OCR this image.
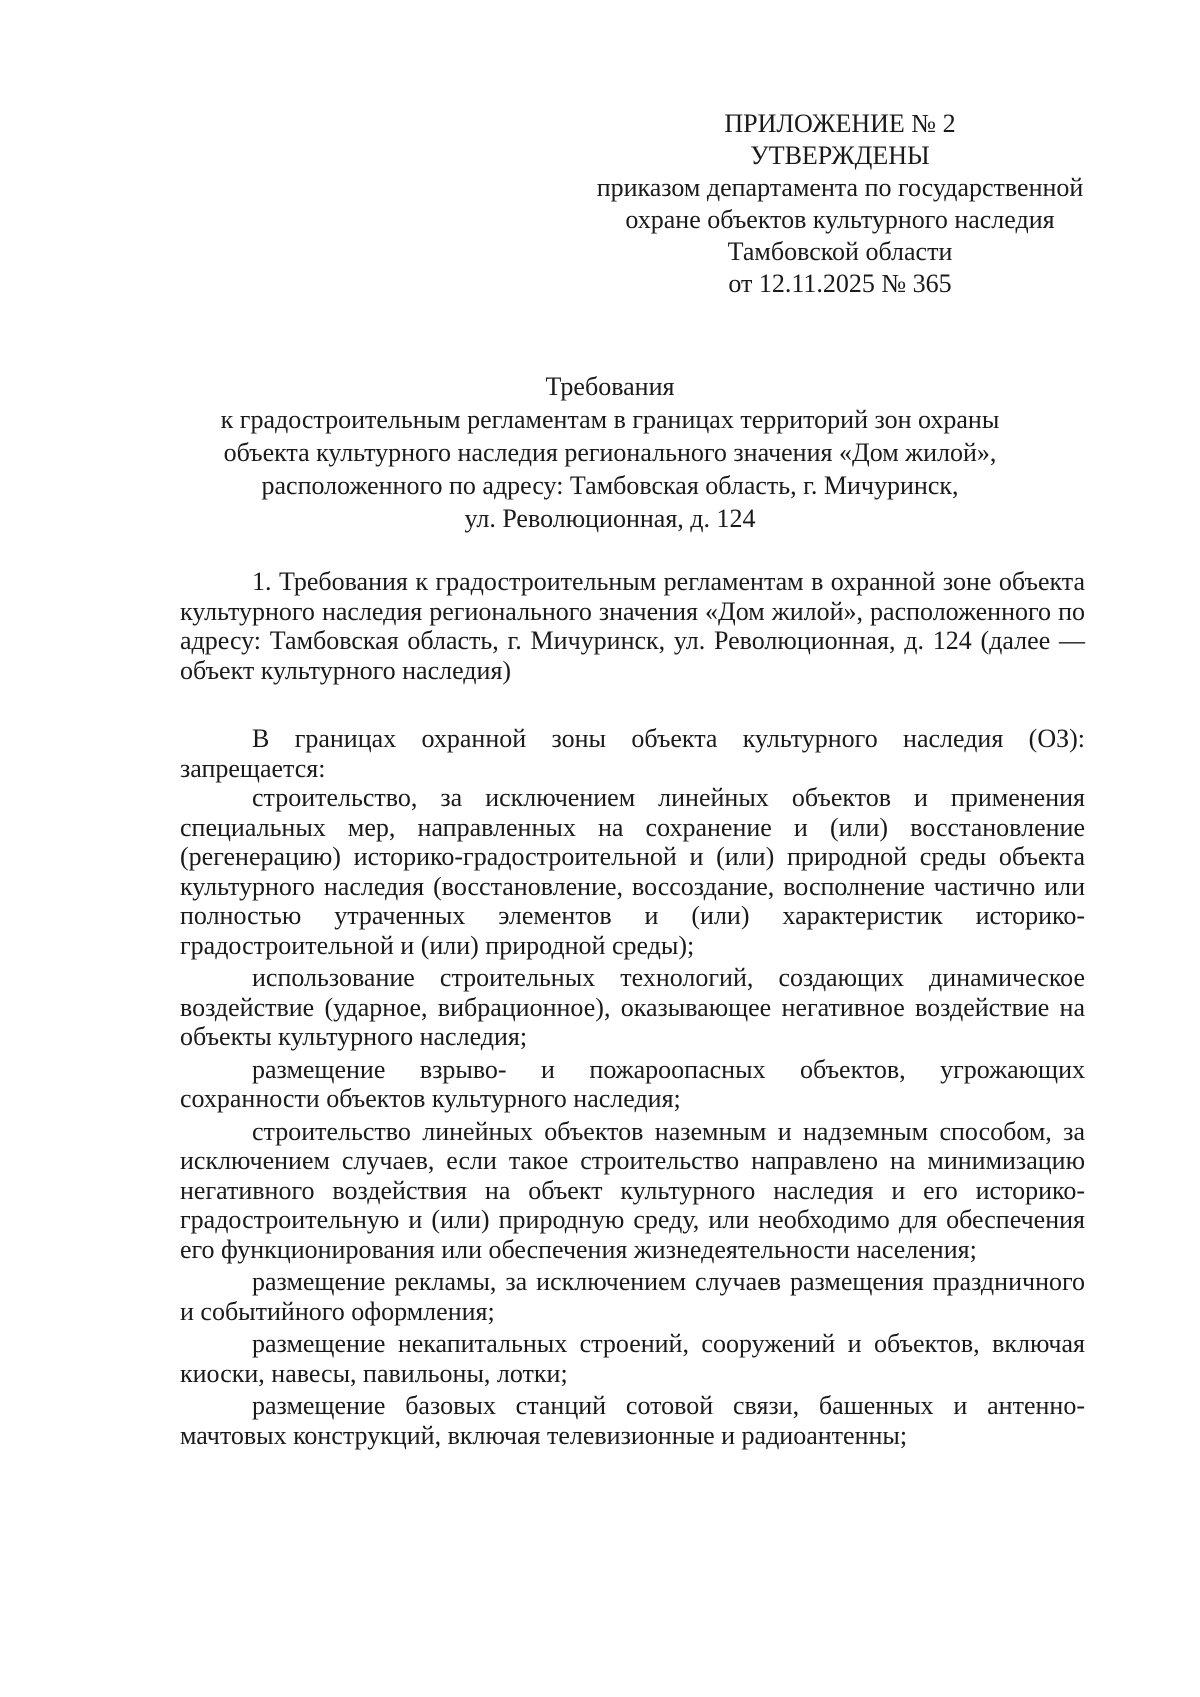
ПРИЛОЖЕНИЕ № 2
УТВЕРЖДЕНЫ
приказом департамента по государственной
охране объектов культурного наследия
Тамбовской области
от 12.11.2025 № 365
Требования
к градостроительным регламентам в границах территорий зон охраны
объекта культурного наследия регионального значения «Дом жилой»,
расположенного по адресу: Тамбовская область, г. Мичуринск,
ул. Революционная, д. 124

1. Требования к градостроительным регламентам в охранной зоне объекта культурного наследия регионального значения «Дом жилой», расположенного по адресу: Тамбовская область, г. Мичуринск, ул. Революционная, д. 124 (далее — объект культурного наследия)

В границах охранной зоны объекта культурного наследия (ОЗ): запрещается:

строительство, за исключением линейных объектов и применения специальных мер, направленных на сохранение и (или) восстановление (регенерацию) историко-градостроительной и (или) природной среды объекта культурного наследия (восстановление, воссоздание, восполнение частично или полностью утраченных элементов и (или) характеристик историко-градостроительной и (или) природной среды);

использование строительных технологий, создающих динамическое воздействие (ударное, вибрационное), оказывающее негативное воздействие на объекты культурного наследия;

размещение взрыво- и пожароопасных объектов, угрожающих сохранности объектов культурного наследия;

строительство линейных объектов наземным и надземным способом, за исключением случаев, если такое строительство направлено на минимизацию негативного воздействия на объект культурного наследия и его историко-градостроительную и (или) природную среду, или необходимо для обеспечения его функционирования или обеспечения жизнедеятельности населения;

размещение рекламы, за исключением случаев размещения праздничного и событийного оформления;

размещение некапитальных строений, сооружений и объектов, включая киоски, навесы, павильоны, лотки;

размещение базовых станций сотовой связи, башенных и антенно-мачтовых конструкций, включая телевизионные и радиоантенны;
